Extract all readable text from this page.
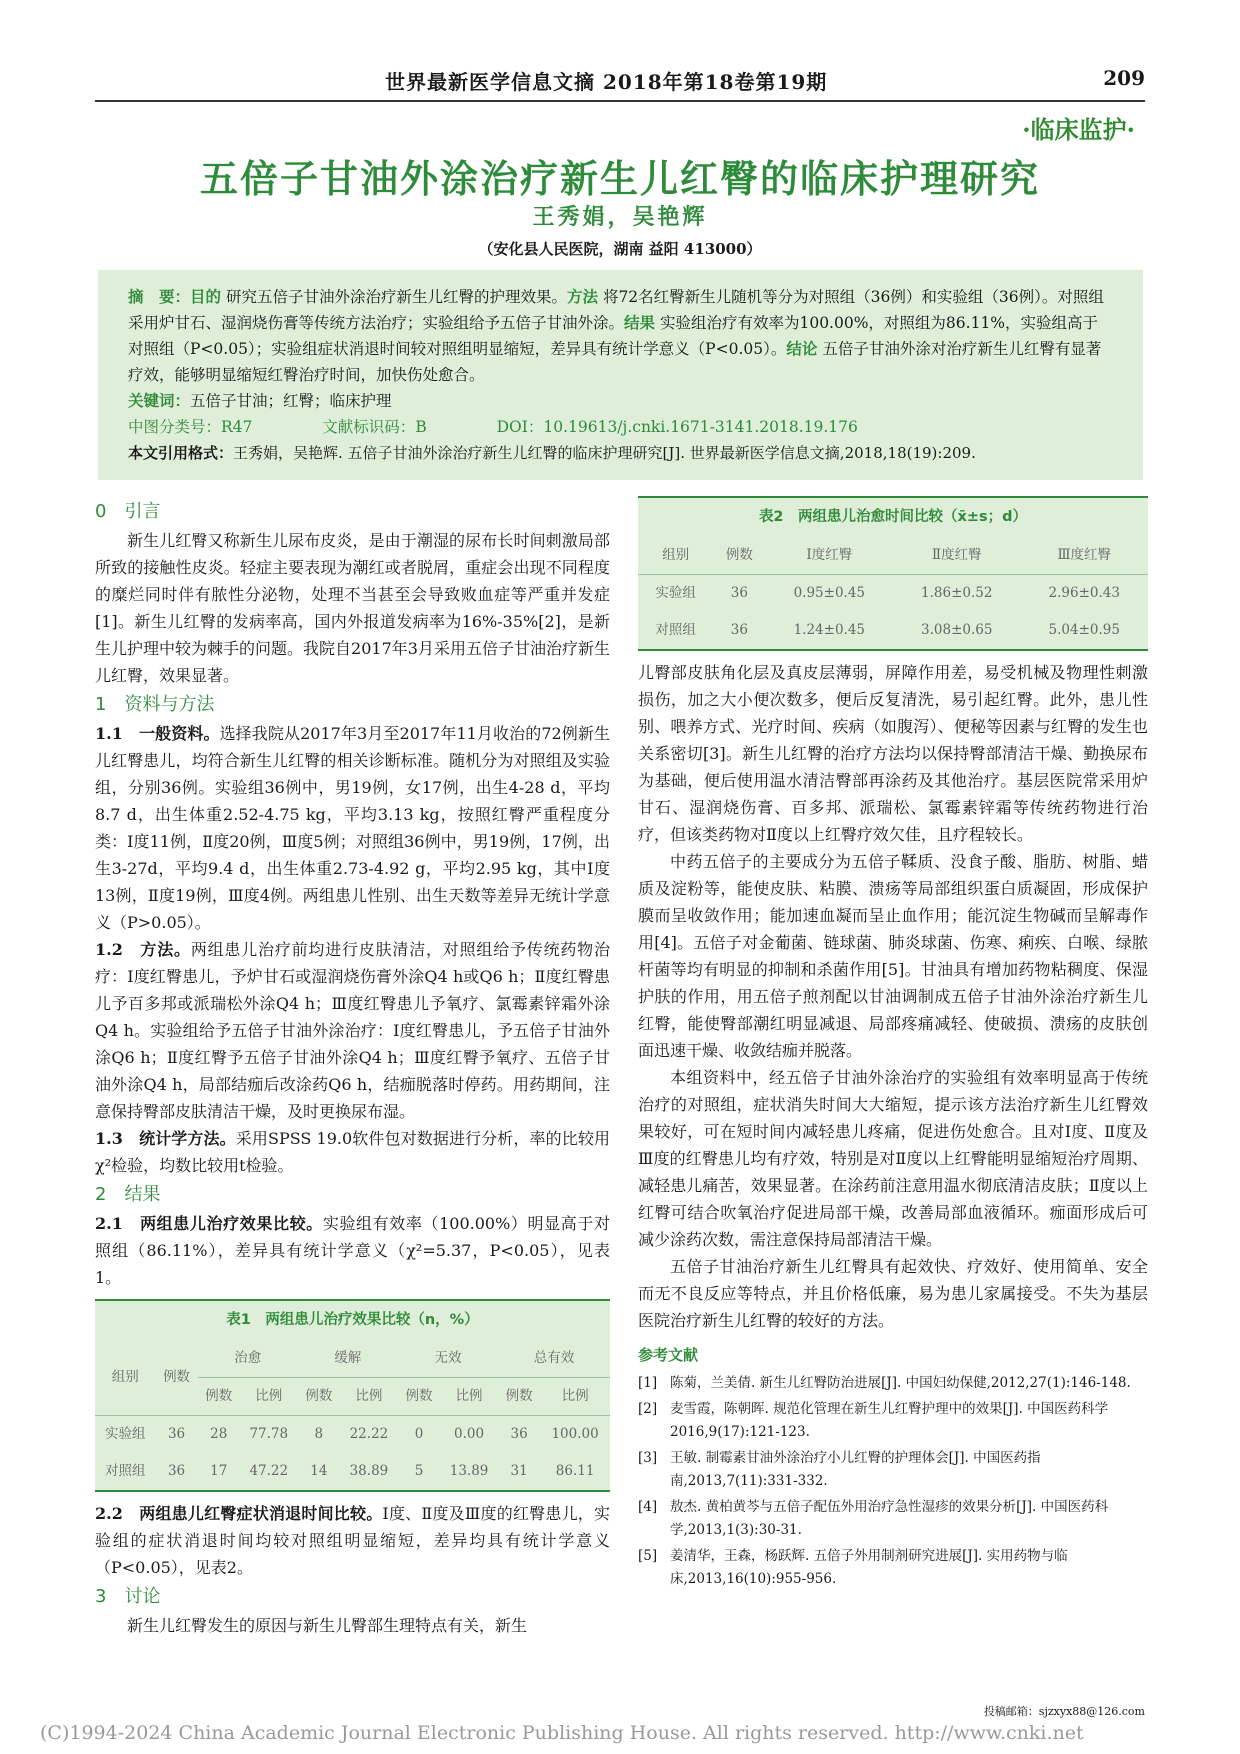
世界最新医学信息文摘 2018年第18卷第19期	209
·临床监护·
五倍子甘油外涂治疗新生儿红臀的临床护理研究
王秀娟，吴艳辉
（安化县人民医院，湖南 益阳 413000）
摘　要：目的 研究五倍子甘油外涂治疗新生儿红臀的护理效果。方法 将72名红臀新生儿随机等分为对照组（36例）和实验组（36例）。对照组采用炉甘石、湿润烧伤膏等传统方法治疗；实验组给予五倍子甘油外涂。结果 实验组治疗有效率为100.00%，对照组为86.11%，实验组高于对照组（P<0.05）；实验组症状消退时间较对照组明显缩短，差异具有统计学意义（P<0.05）。结论 五倍子甘油外涂对治疗新生儿红臀有显著疗效，能够明显缩短红臀治疗时间，加快伤处愈合。
关键词：五倍子甘油；红臀；临床护理
中图分类号：R47	文献标识码：B	DOI：10.19613/j.cnki.1671-3141.2018.19.176
本文引用格式：王秀娟，吴艳辉. 五倍子甘油外涂治疗新生儿红臀的临床护理研究[J]. 世界最新医学信息文摘,2018,18(19):209.
0　引言

新生儿红臀又称新生儿尿布皮炎，是由于潮湿的尿布长时间刺激局部所致的接触性皮炎。轻症主要表现为潮红或者脱屑，重症会出现不同程度的糜烂同时伴有脓性分泌物，处理不当甚至会导致败血症等严重并发症[1]。新生儿红臀的发病率高，国内外报道发病率为16%-35%[2]，是新生儿护理中较为棘手的问题。我院自2017年3月采用五倍子甘油治疗新生儿红臀，效果显著。

1　资料与方法

1.1　一般资料。选择我院从2017年3月至2017年11月收治的72例新生儿红臀患儿，均符合新生儿红臀的相关诊断标准。随机分为对照组及实验组，分别36例。实验组36例中，男19例，女17例，出生4-28 d，平均8.7 d，出生体重2.52-4.75 kg，平均3.13 kg，按照红臀严重程度分类：Ⅰ度11例，Ⅱ度20例，Ⅲ度5例；对照组36例中，男19例，17例，出生3-27d，平均9.4 d，出生体重2.73-4.92 g，平均2.95 kg，其中Ⅰ度13例，Ⅱ度19例，Ⅲ度4例。两组患儿性别、出生天数等差异无统计学意义（P>0.05）。

1.2　方法。两组患儿治疗前均进行皮肤清洁，对照组给予传统药物治疗：Ⅰ度红臀患儿，予炉甘石或湿润烧伤膏外涂Q4 h或Q6 h；Ⅱ度红臀患儿予百多邦或派瑞松外涂Q4 h；Ⅲ度红臀患儿予氧疗、氯霉素锌霜外涂Q4 h。实验组给予五倍子甘油外涂治疗：Ⅰ度红臀患儿，予五倍子甘油外涂Q6 h；Ⅱ度红臀予五倍子甘油外涂Q4 h；Ⅲ度红臀予氧疗、五倍子甘油外涂Q4 h，局部结痂后改涂药Q6 h，结痂脱落时停药。用药期间，注意保持臀部皮肤清洁干燥，及时更换尿布湿。

1.3　统计学方法。采用SPSS 19.0软件包对数据进行分析，率的比较用χ²检验，均数比较用t检验。

2　结果

2.1　两组患儿治疗效果比较。实验组有效率（100.00%）明显高于对照组（86.11%），差异具有统计学意义（χ²=5.37，P<0.05），见表1。

表1　两组患儿治疗效果比较（n，%）
组别	例数	治愈		缓解		无效		总有效	
		例数	比例	例数	比例	例数	比例	例数	比例
实验组	36	28	77.78	8	22.22	0	0.00	36	100.00
对照组	36	17	47.22	14	38.89	5	13.89	31	86.11

2.2　两组患儿红臀症状消退时间比较。Ⅰ度、Ⅱ度及Ⅲ度的红臀患儿，实验组的症状消退时间均较对照组明显缩短，差异均具有统计学意义（P<0.05），见表2。

3　讨论

新生儿红臀发生的原因与新生儿臀部生理特点有关，新生

表2　两组患儿治愈时间比较（x̄±s；d）
组别	例数	Ⅰ度红臀	Ⅱ度红臀	Ⅲ度红臀
实验组	36	0.95±0.45	1.86±0.52	2.96±0.43
对照组	36	1.24±0.45	3.08±0.65	5.04±0.95

儿臀部皮肤角化层及真皮层薄弱，屏障作用差，易受机械及物理性刺激损伤，加之大小便次数多，便后反复清洗，易引起红臀。此外，患儿性别、喂养方式、光疗时间、疾病（如腹泻）、便秘等因素与红臀的发生也关系密切[3]。新生儿红臀的治疗方法均以保持臀部清洁干燥、勤换尿布为基础，便后使用温水清洁臀部再涂药及其他治疗。基层医院常采用炉甘石、湿润烧伤膏、百多邦、派瑞松、氯霉素锌霜等传统药物进行治疗，但该类药物对Ⅱ度以上红臀疗效欠佳，且疗程较长。

中药五倍子的主要成分为五倍子鞣质、没食子酸、脂肪、树脂、蜡质及淀粉等，能使皮肤、粘膜、溃疡等局部组织蛋白质凝固，形成保护膜而呈收敛作用；能加速血凝而呈止血作用；能沉淀生物碱而呈解毒作用[4]。五倍子对金葡菌、链球菌、肺炎球菌、伤寒、痢疾、白喉、绿脓杆菌等均有明显的抑制和杀菌作用[5]。甘油具有增加药物粘稠度、保湿护肤的作用，用五倍子煎剂配以甘油调制成五倍子甘油外涂治疗新生儿红臀，能使臀部潮红明显减退、局部疼痛减轻、使破损、溃疡的皮肤创面迅速干燥、收敛结痂并脱落。

本组资料中，经五倍子甘油外涂治疗的实验组有效率明显高于传统治疗的对照组，症状消失时间大大缩短，提示该方法治疗新生儿红臀效果较好，可在短时间内减轻患儿疼痛，促进伤处愈合。且对Ⅰ度、Ⅱ度及Ⅲ度的红臀患儿均有疗效，特别是对Ⅱ度以上红臀能明显缩短治疗周期、减轻患儿痛苦，效果显著。在涂药前注意用温水彻底清洁皮肤；Ⅱ度以上红臀可结合吹氧治疗促进局部干燥，改善局部血液循环。痂面形成后可减少涂药次数，需注意保持局部清洁干燥。

五倍子甘油治疗新生儿红臀具有起效快、疗效好、使用简单、安全而无不良反应等特点，并且价格低廉，易为患儿家属接受。不失为基层医院治疗新生儿红臀的较好的方法。

参考文献
[1] 陈菊，兰美倩. 新生儿红臀防治进展[J]. 中国妇幼保健,2012,27(1):146-148.
[2] 麦雪霞，陈朝晖. 规范化管理在新生儿红臀护理中的效果[J]. 中国医药科学 2016,9(17):121-123.
[3] 王敏. 制霉素甘油外涂治疗小儿红臀的护理体会[J]. 中国医药指南,2013,7(11):331-332.
[4] 敖杰. 黄柏黄芩与五倍子配伍外用治疗急性湿疹的效果分析[J]. 中国医药科学,2013,1(3):30-31.
[5] 姜清华，王森，杨跃辉. 五倍子外用制剂研究进展[J]. 实用药物与临床,2013,16(10):955-956.
投稿邮箱：sjzxyx88@126.com
(C)1994-2024 China Academic Journal Electronic Publishing House. All rights reserved. http://www.cnki.net
